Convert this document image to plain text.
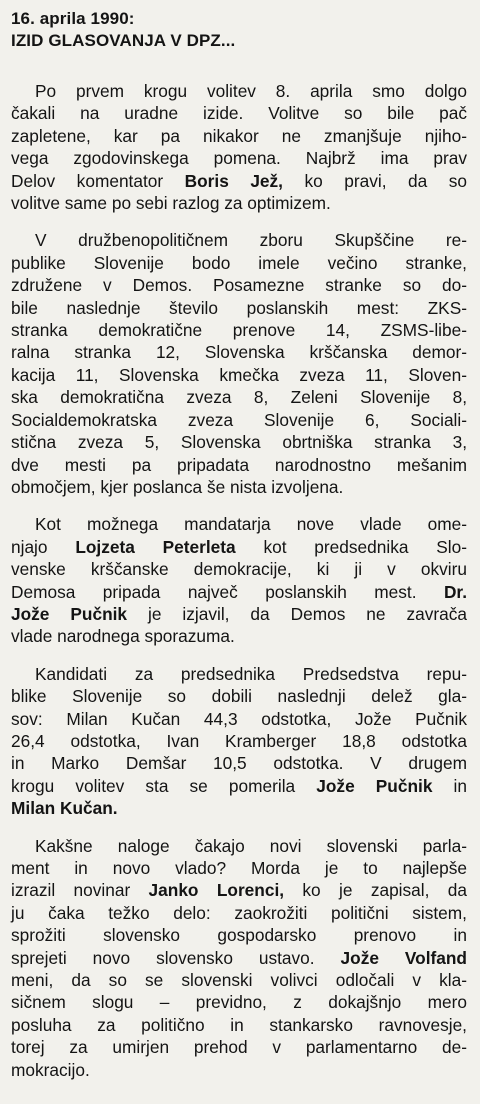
16. aprila 1990:
IZID GLASOVANJA V DPZ...
Po prvem krogu volitev 8. aprila smo dolgo
čakali na uradne izide. Volitve so bile pač
zapletene, kar pa nikakor ne zmanjšuje njiho-
vega zgodovinskega pomena. Najbrž ima prav
Delov komentator Boris Jež, ko pravi, da so
volitve same po sebi razlog za optimizem.
V družbenopolitičnem zboru Skupščine re-
publike Slovenije bodo imele večino stranke,
združene v Demos. Posamezne stranke so do-
bile naslednje število poslanskih mest: ZKS-
stranka demokratične prenove 14, ZSMS-libe-
ralna stranka 12, Slovenska krščanska demor-
kacija 11, Slovenska kmečka zveza 11, Sloven-
ska demokratična zveza 8, Zeleni Slovenije 8,
Socialdemokratska zveza Slovenije 6, Sociali-
stična zveza 5, Slovenska obrtniška stranka 3,
dve mesti pa pripadata narodnostno mešanim
območjem, kjer poslanca še nista izvoljena.
Kot možnega mandatarja nove vlade ome-
njajo Lojzeta Peterleta kot predsednika Slo-
venske krščanske demokracije, ki ji v okviru
Demosa pripada največ poslanskih mest. Dr.
Jože Pučnik je izjavil, da Demos ne zavrača
vlade narodnega sporazuma.
Kandidati za predsednika Predsedstva repu-
blike Slovenije so dobili naslednji delež gla-
sov: Milan Kučan 44,3 odstotka, Jože Pučnik
26,4 odstotka, Ivan Kramberger 18,8 odstotka
in Marko Demšar 10,5 odstotka. V drugem
krogu volitev sta se pomerila Jože Pučnik in
Milan Kučan.
Kakšne naloge čakajo novi slovenski parla-
ment in novo vlado? Morda je to najlepše
izrazil novinar Janko Lorenci, ko je zapisal, da
ju čaka težko delo: zaokrožiti politični sistem,
sprožiti slovensko gospodarsko prenovo in
sprejeti novo slovensko ustavo. Jože Volfand
meni, da so se slovenski volivci odločali v kla-
sičnem slogu – previdno, z dokajšnjo mero
posluha za politično in stankarsko ravnovesje,
torej za umirjen prehod v parlamentarno de-
mokracijo.
